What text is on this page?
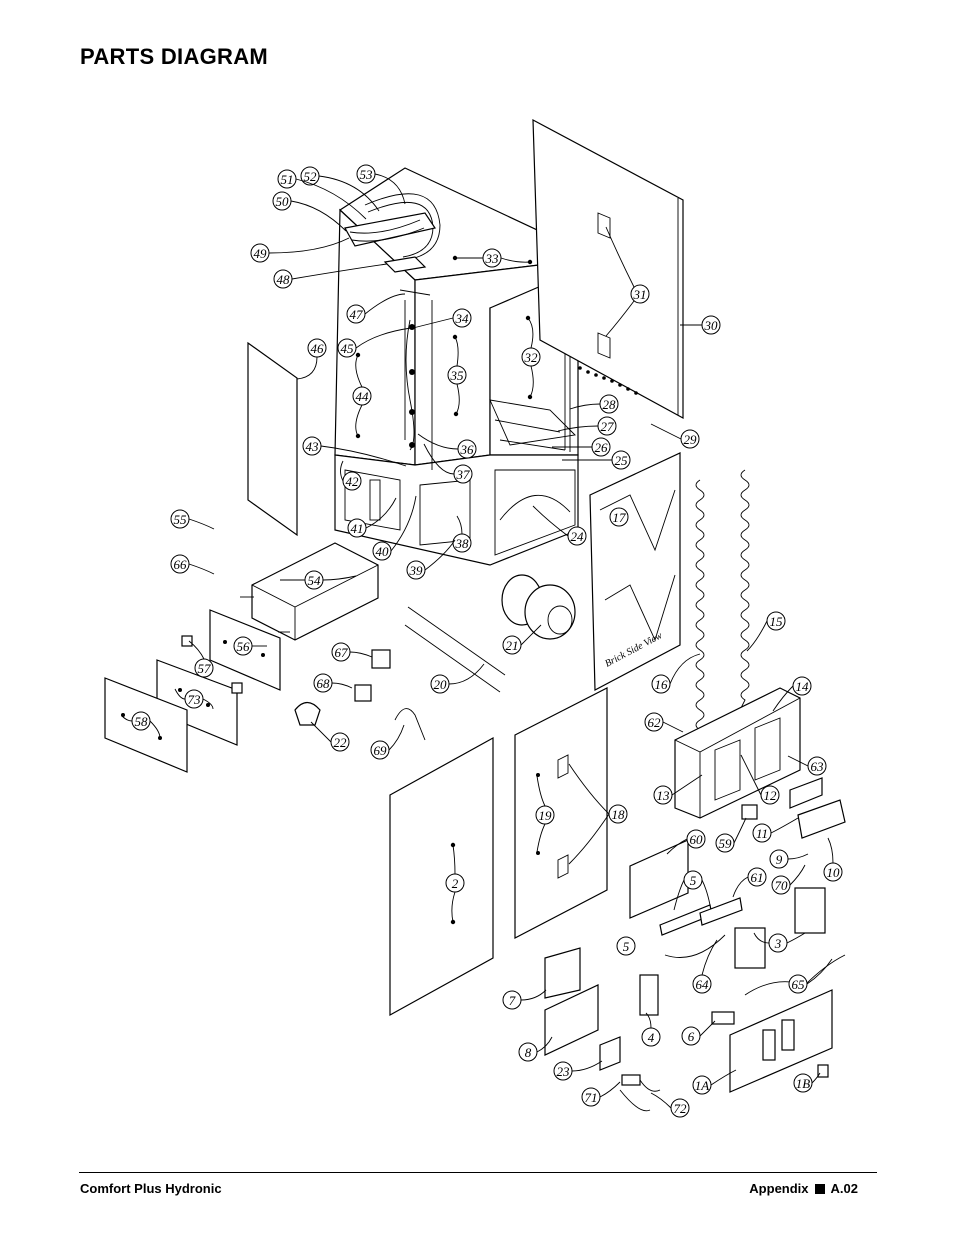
PARTS DIAGRAM
Brick Side View
51 52	53
50
49
48
33
47	34
45
46
32
35
44
31
30
28
43	36
27
26
29
42	37
25
41
55
40
38	24
17
39
66
54
21
56	67
15
57
68	20	16	14
73
58
22
69
62
63
13	12
59
11
60
19	18
9
2	5	61
70
10
3
5
64
7
65
4	6
8
23
1A	1B
71
72
Comfort Plus Hydronic	Appendix A.02
